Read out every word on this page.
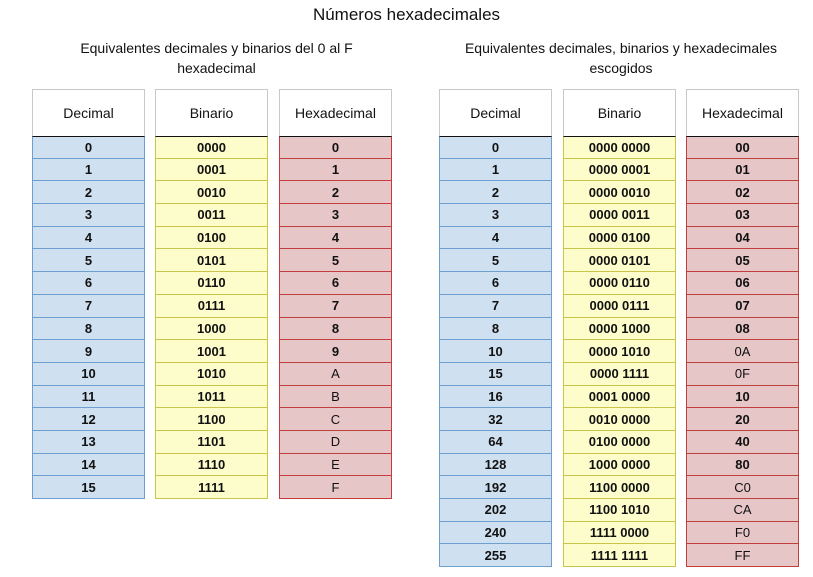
Números hexadecimales
Equivalentes decimales y binarios del 0 al F
hexadecimal
Equivalentes decimales, binarios y hexadecimales
escogidos
Decimal
0
1
2
3
4
5
6
7
8
9
10
11
12
13
14
15
Binario
0000
0001
0010
0011
0100
0101
0110
0111
1000
1001
1010
1011
1100
1101
1110
1111
Hexadecimal
0
1
2
3
4
5
6
7
8
9
A
B
C
D
E
F
Decimal
0
1
2
3
4
5
6
7
8
10
15
16
32
64
128
192
202
240
255
Binario
0000 0000
0000 0001
0000 0010
0000 0011
0000 0100
0000 0101
0000 0110
0000 0111
0000 1000
0000 1010
0000 1111
0001 0000
0010 0000
0100 0000
1000 0000
1100 0000
1100 1010
1111 0000
1111 1111
Hexadecimal
00
01
02
03
04
05
06
07
08
0A
0F
10
20
40
80
C0
CA
F0
FF
